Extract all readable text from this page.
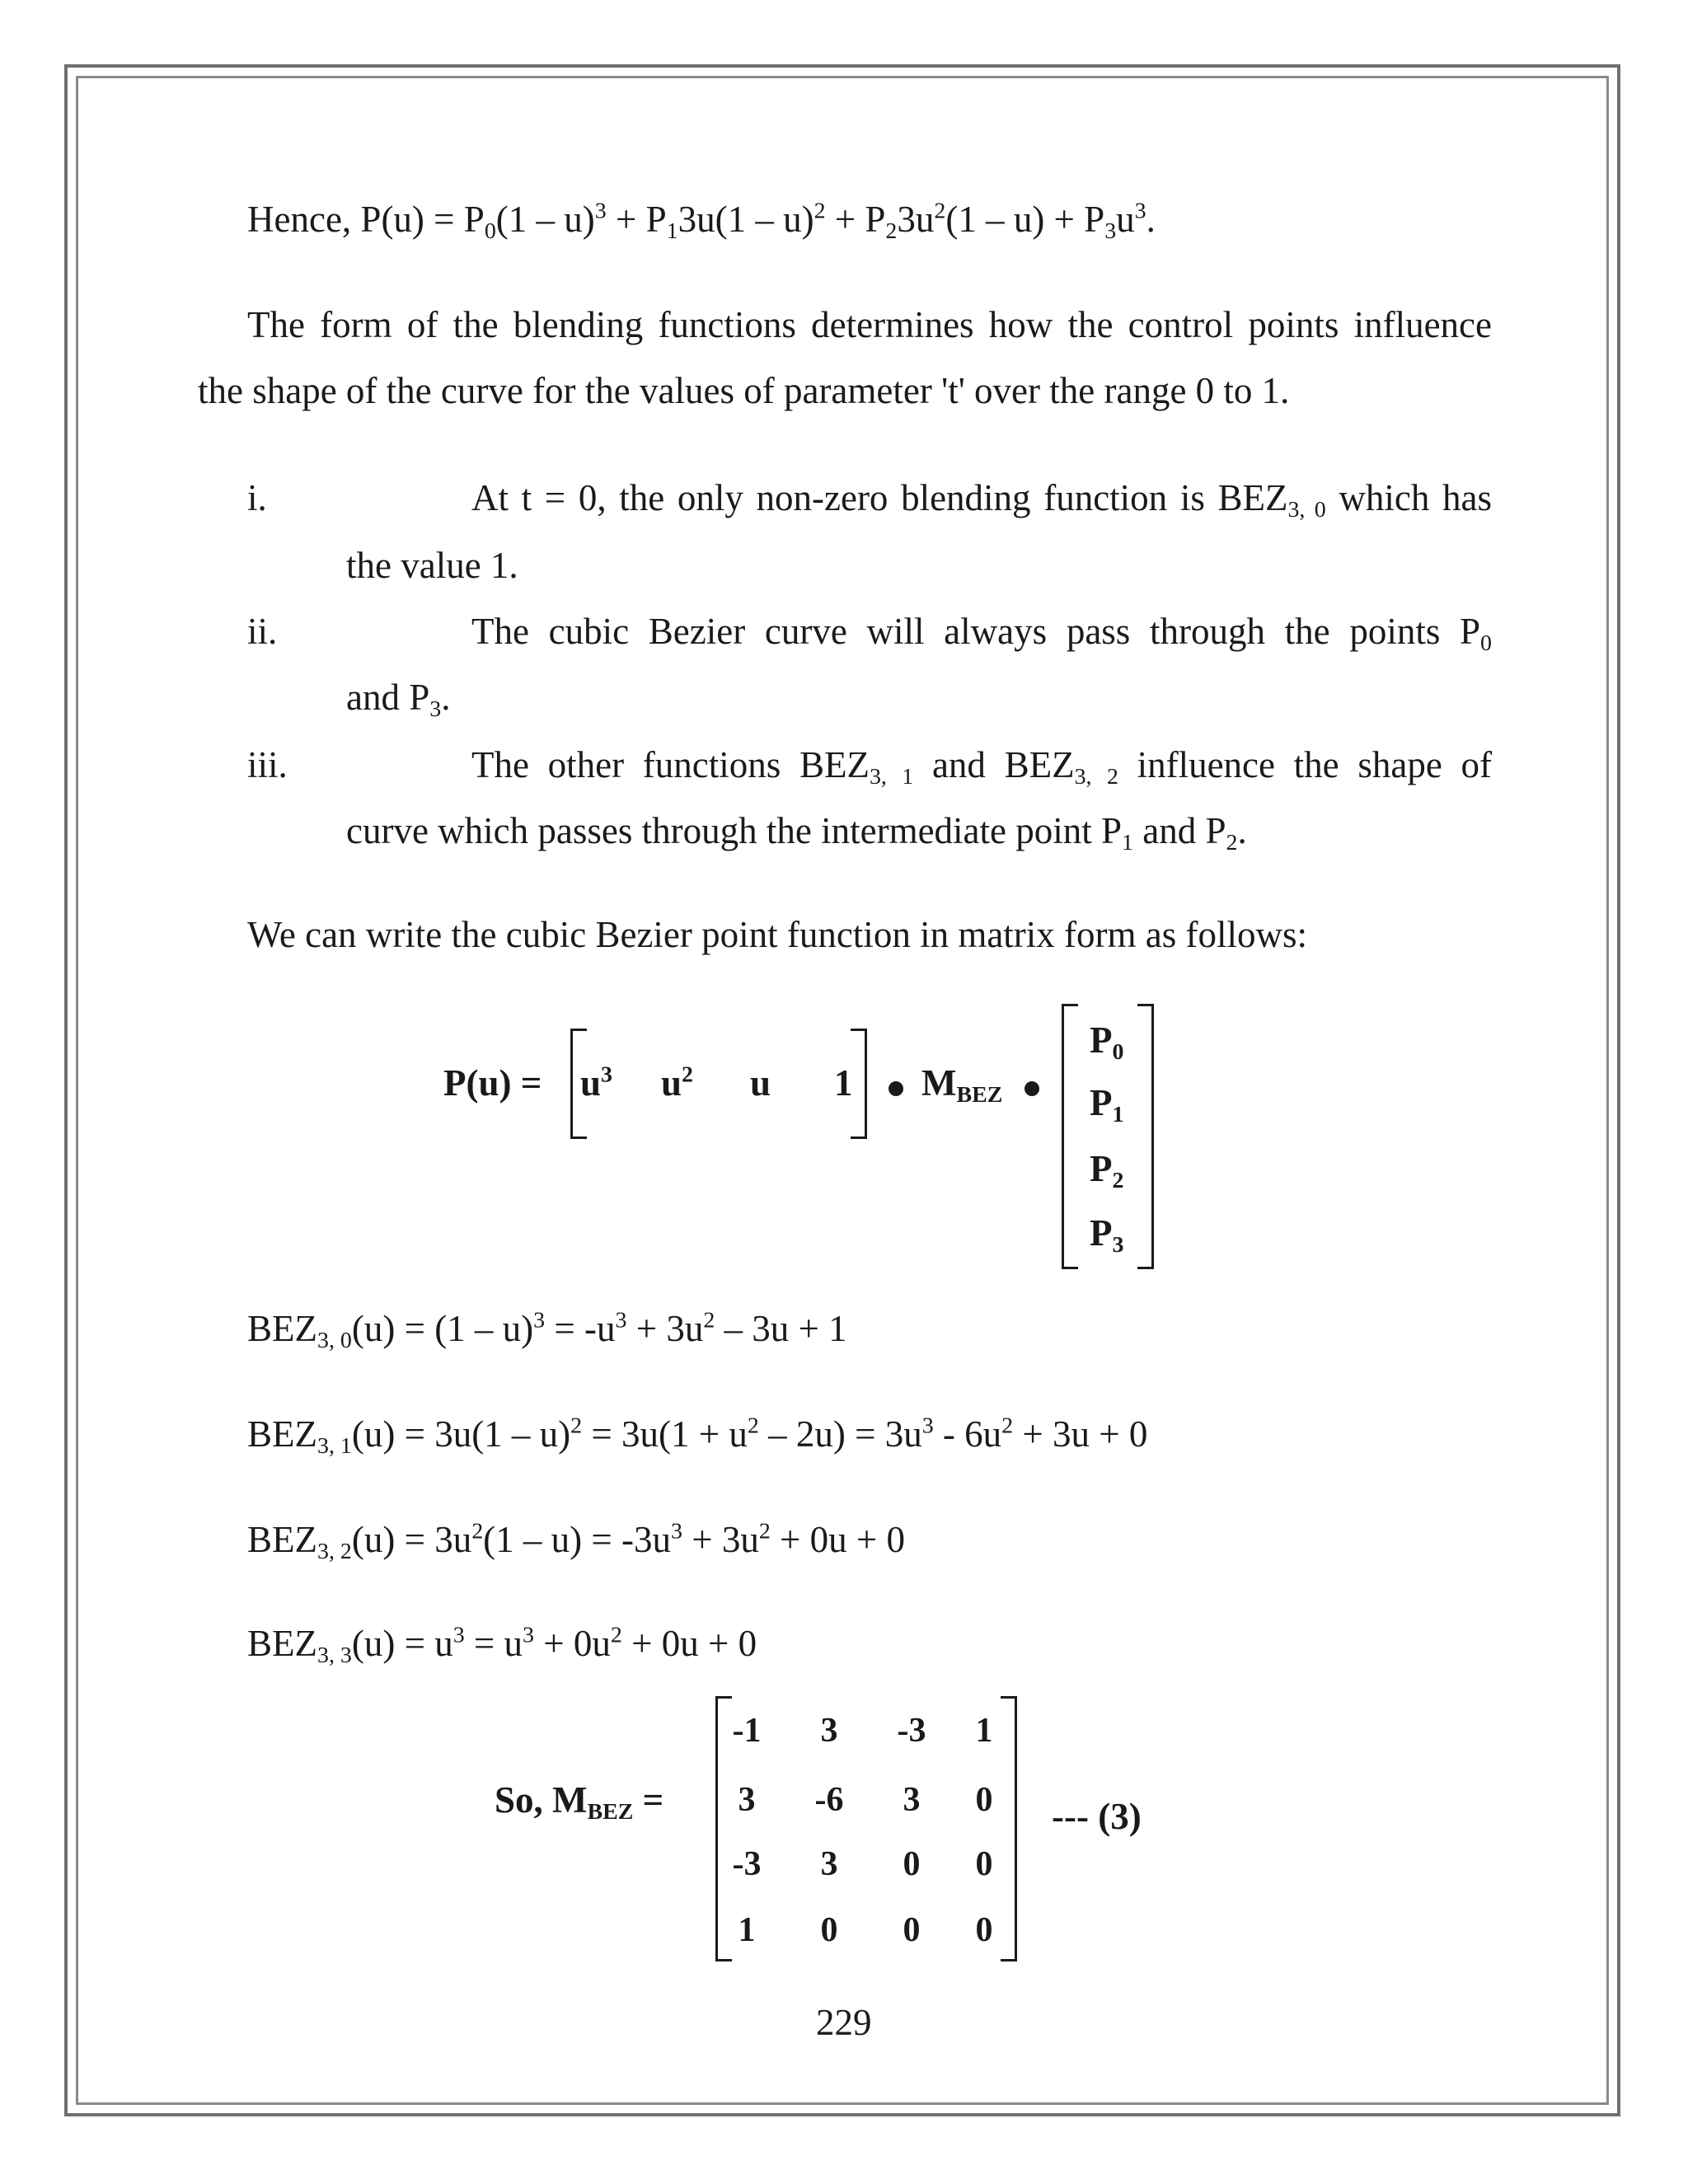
Hence, $P(u) = P_0(1 - u)^3 + P_13u(1 - u)^2 + P_23u^2(1 - u) + P_3u^3$.
The form of the blending functions determines how the control points influence
the shape of the curve for the values of parameter 't' over the range 0 to 1.
i.	At t = 0, the only non-zero blending function is $BEZ_{3, 0}$ which has
the value 1.
ii.	The cubic Bezier curve will always pass through the points $P_0$
and $P_3$.
iii.	The other functions $BEZ_{3, 1}$ and $BEZ_{3, 2}$ influence the shape of
curve which passes through the intermediate point $P_1$ and $P_2$.
We can write the cubic Bezier point function in matrix form as follows:
$P(u) = u^3$ $u^2$ u 1 $M_{BEZ}$
$P_0$
$P_1$
$P_2$
$P_3$
$BEZ_{3, 0}(u) = (1 - u)^3 = -u^3 + 3u^2 - 3u + 1$
$BEZ_{3, 1}(u) = 3u(1 - u)^2 = 3u(1 + u^2 - 2u) = 3u^3 - 6u^2 + 3u + 0$
$BEZ_{3, 2}(u) = 3u^2(1 - u) = -3u^3 + 3u^2 + 0u + 0$
$BEZ_{3, 3}(u) = u^3 = u^3 + 0u^2 + 0u + 0$
So, $M_{BEZ}$ =
-1	3	-3	1
3	-6	3	0
-3	3	0	0
1	0	0	0
--- (3)
229
